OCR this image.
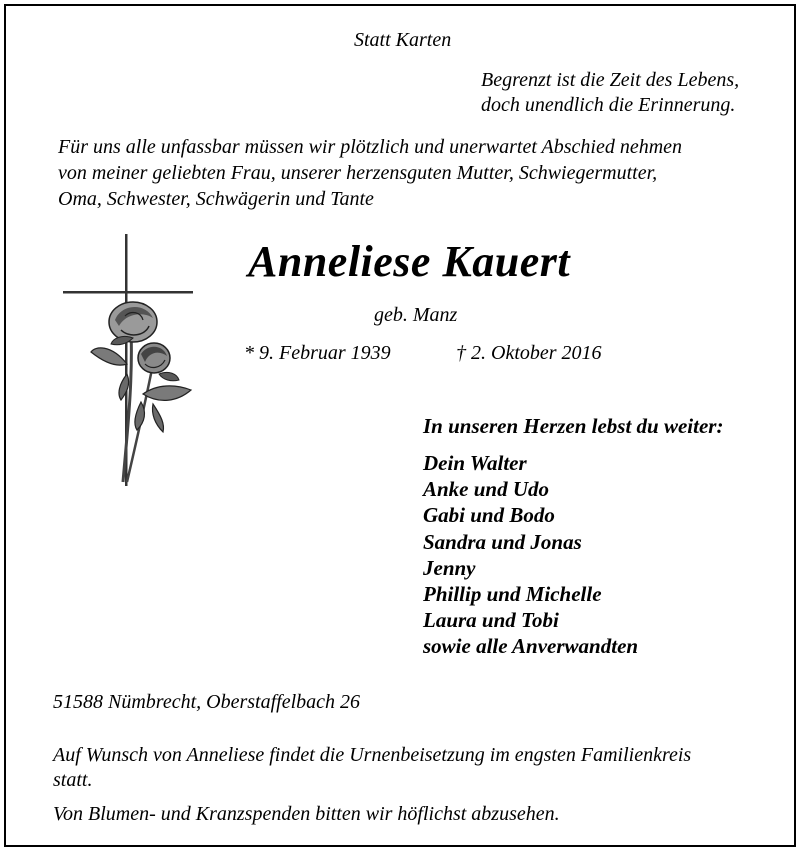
Statt Karten
Begrenzt ist die Zeit des Lebens,
doch unendlich die Erinnerung.
Für uns alle unfassbar müssen wir plötzlich und unerwartet Abschied nehmen
von meiner geliebten Frau, unserer herzensguten Mutter, Schwiegermutter,
Oma, Schwester, Schwägerin und Tante
Anneliese Kauert
geb. Manz
* 9. Februar 1939	† 2. Oktober 2016
In unseren Herzen lebst du weiter:
Dein Walter
Anke und Udo
Gabi und Bodo
Sandra und Jonas
Jenny
Phillip und Michelle
Laura und Tobi
sowie alle Anverwandten
51588 Nümbrecht, Oberstaffelbach 26
Auf Wunsch von Anneliese findet die Urnenbeisetzung im engsten Familienkreis
statt.
Von Blumen- und Kranzspenden bitten wir höflichst abzusehen.
